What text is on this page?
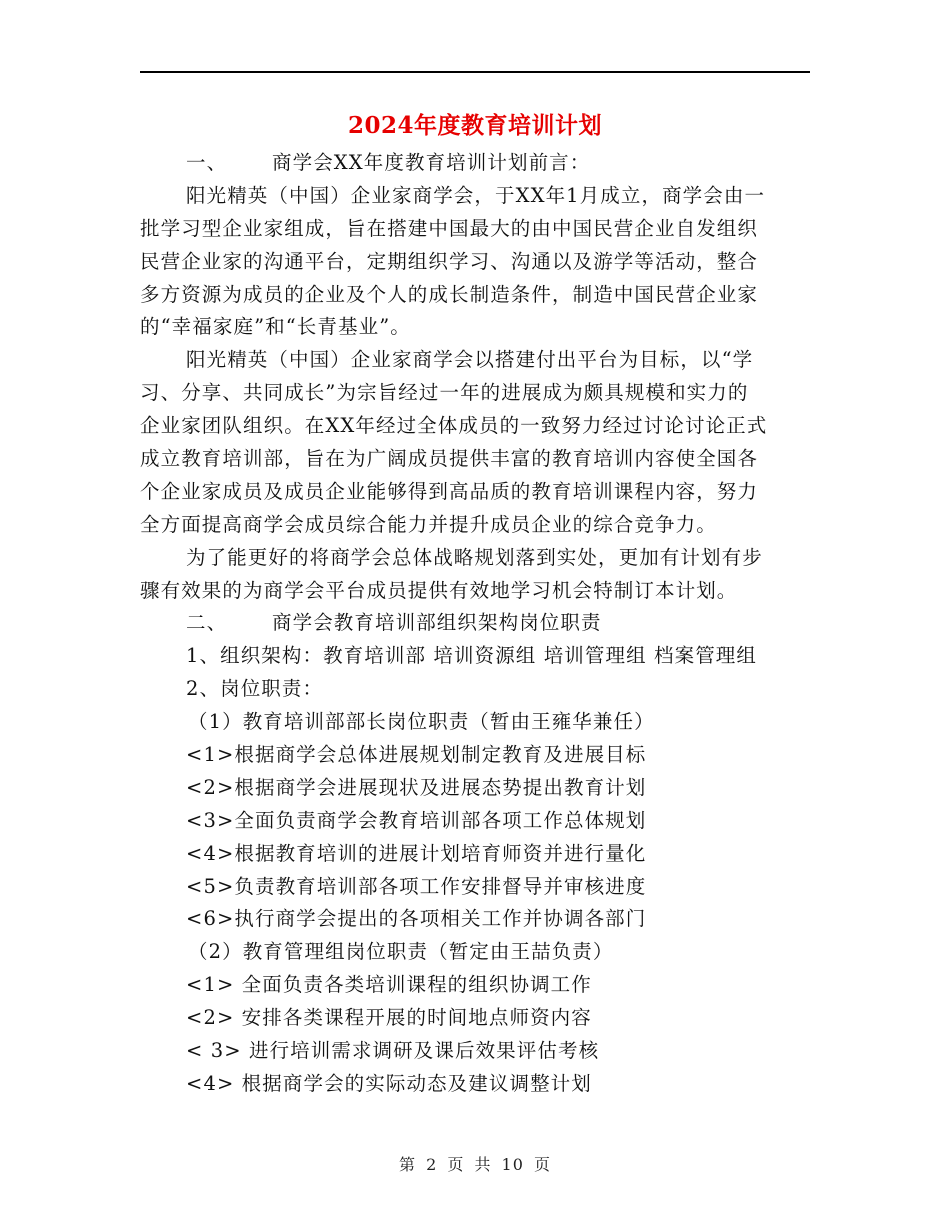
2024年度教育培训计划
一、 商学会XX年度教育培训计划前言：
阳光精英（中国）企业家商学会，于XX年1月成立，商学会由一
批学习型企业家组成，旨在搭建中国最大的由中国民营企业自发组织
民营企业家的沟通平台，定期组织学习、沟通以及游学等活动，整合
多方资源为成员的企业及个人的成长制造条件，制造中国民营企业家
的“幸福家庭”和“长青基业”。
阳光精英（中国）企业家商学会以搭建付出平台为目标，以“学
习、分享、共同成长”为宗旨经过一年的进展成为颇具规模和实力的
企业家团队组织。在XX年经过全体成员的一致努力经过讨论讨论正式
成立教育培训部，旨在为广阔成员提供丰富的教育培训内容使全国各
个企业家成员及成员企业能够得到高品质的教育培训课程内容，努力
全方面提高商学会成员综合能力并提升成员企业的综合竞争力。
为了能更好的将商学会总体战略规划落到实处，更加有计划有步
骤有效果的为商学会平台成员提供有效地学习机会特制订本计划。
二、 商学会教育培训部组织架构岗位职责
1、组织架构：教育培训部 培训资源组 培训管理组 档案管理组
2、岗位职责：
（1）教育培训部部长岗位职责（暂由王雍华兼任）
<1>根据商学会总体进展规划制定教育及进展目标
<2>根据商学会进展现状及进展态势提出教育计划
<3>全面负责商学会教育培训部各项工作总体规划
<4>根据教育培训的进展计划培育师资并进行量化
<5>负责教育培训部各项工作安排督导并审核进度
<6>执行商学会提出的各项相关工作并协调各部门
（2）教育管理组岗位职责（暂定由王喆负责）
<1> 全面负责各类培训课程的组织协调工作
<2> 安排各类课程开展的时间地点师资内容
< 3> 进行培训需求调研及课后效果评估考核
<4> 根据商学会的实际动态及建议调整计划
第 2 页 共 10 页
